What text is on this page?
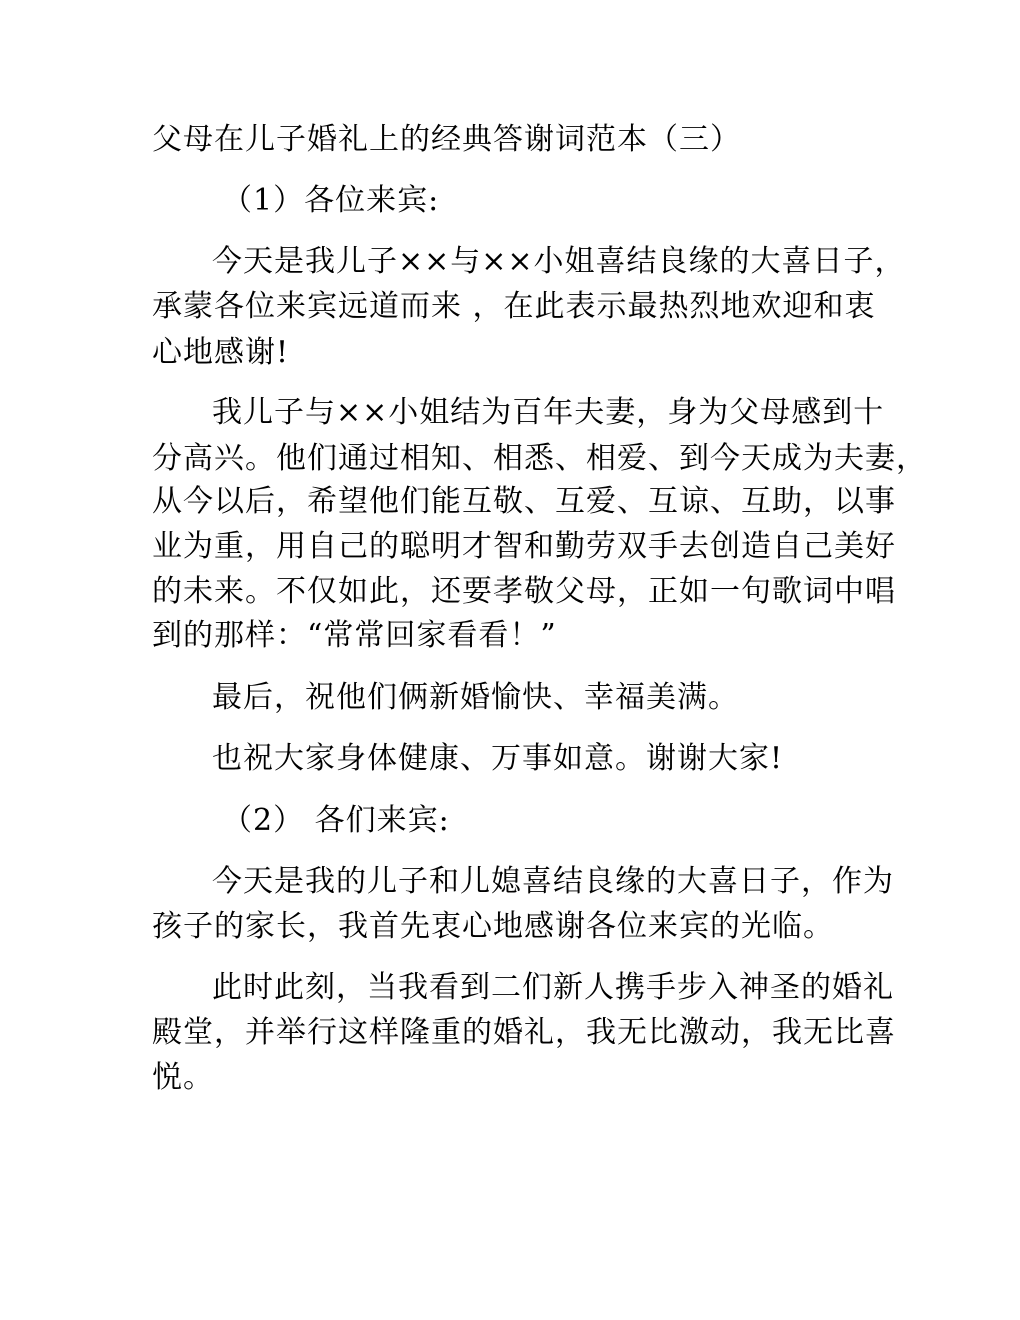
父母在儿子婚礼上的经典答谢词范本（三）
（1）各位来宾:
今天是我儿子××与××小姐喜结良缘的大喜日子，
承蒙各位来宾远道而来 ，在此表示最热烈地欢迎和衷
心地感谢!
我儿子与××小姐结为百年夫妻，身为父母感到十
分高兴。他们通过相知、相悉、相爱、到今天成为夫妻，
从今以后，希望他们能互敬、互爱、互谅、互助，以事
业为重，用自己的聪明才智和勤劳双手去创造自己美好
的未来。不仅如此，还要孝敬父母，正如一句歌词中唱
到的那样：“常常回家看看！”
最后，祝他们俩新婚愉快、幸福美满。
也祝大家身体健康、万事如意。谢谢大家!
（2） 各们来宾:
今天是我的儿子和儿媳喜结良缘的大喜日子，作为
孩子的家长，我首先衷心地感谢各位来宾的光临。
此时此刻，当我看到二们新人携手步入神圣的婚礼
殿堂，并举行这样隆重的婚礼，我无比激动，我无比喜
悦。
